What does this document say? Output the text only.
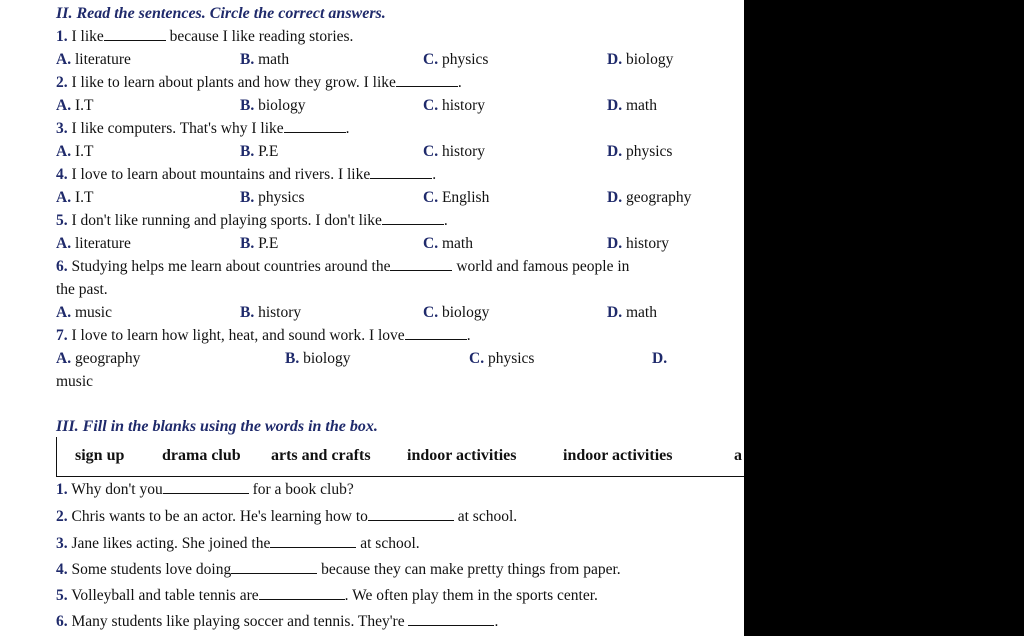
II. Read the sentences. Circle the correct answers.
1. I like	because I like reading stories.
A. literature	B. math	C. physics	D. biology
2. I like to learn about plants and how they grow. I like	.
A. I.T	B. biology	C. history	D. math
3. I like computers. That's why I like	.
A. I.T	B. P.E	C. history	D. physics
4. I love to learn about mountains and rivers. I like	.
A. I.T	B. physics	C. English	D. geography
5. I don't like running and playing sports. I don't like	.
A. literature	B. P.E	C. math	D. history
6. Studying helps me learn about countries around the	world and famous people in
the past.
A. music	B. history	C. biology	D. math
7. I love to learn how light, heat, and sound work. I love	.
A. geography	B. biology	C. physics	D.
music
III. Fill in the blanks using the words in the box.
sign up drama club arts and crafts indoor activities	indoor activities	a
1. Why don't you	for a book club?
2. Chris wants to be an actor. He's learning how to	at school.
3. Jane likes acting. She joined the	at school.
4. Some students love doing	because they can make pretty things from paper.
5. Volleyball and table tennis are	. We often play them in the sports center.
6. Many students like playing soccer and tennis. They're	.
